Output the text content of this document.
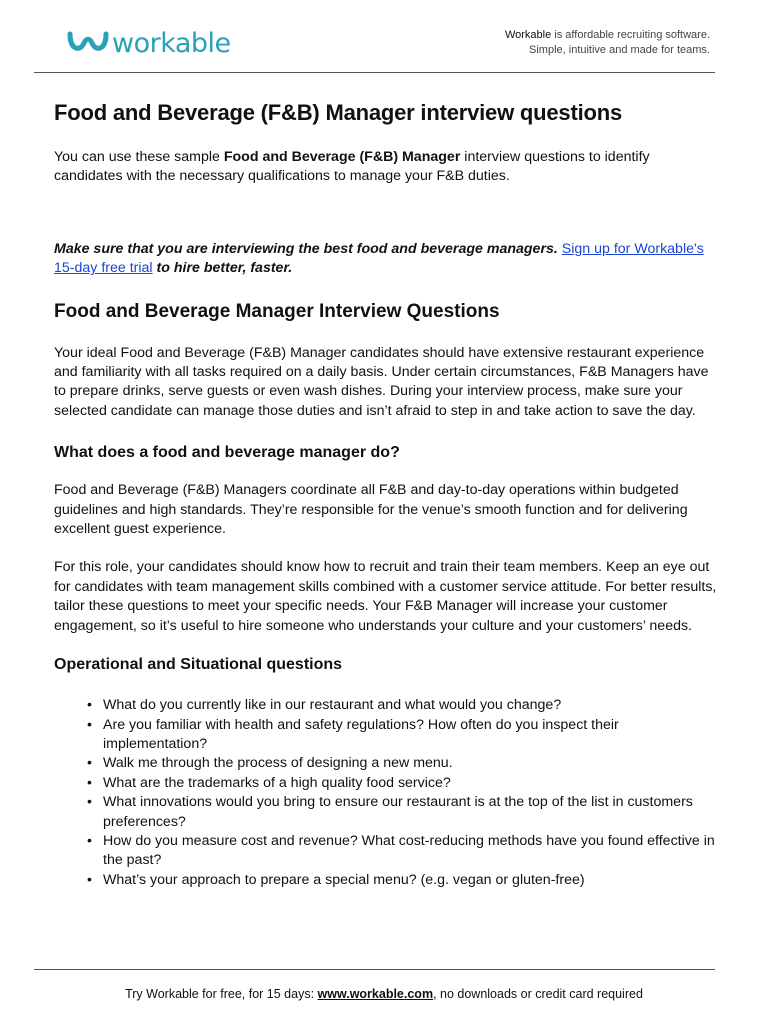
workable	Workable is affordable recruiting software.
Simple, intuitive and made for teams.
Food and Beverage (F&B) Manager interview questions

You can use these sample Food and Beverage (F&B) Manager interview questions to identify candidates with the necessary qualifications to manage your F&B duties.

Make sure that you are interviewing the best food and beverage managers. Sign up for Workable's 15-day free trial to hire better, faster.

Food and Beverage Manager Interview Questions

Your ideal Food and Beverage (F&B) Manager candidates should have extensive restaurant experience and familiarity with all tasks required on a daily basis. Under certain circumstances, F&B Managers have to prepare drinks, serve guests or even wash dishes. During your interview process, make sure your selected candidate can manage those duties and isn’t afraid to step in and take action to save the day.

What does a food and beverage manager do?

Food and Beverage (F&B) Managers coordinate all F&B and day-to-day operations within budgeted guidelines and high standards. They’re responsible for the venue’s smooth function and for delivering excellent guest experience.

For this role, your candidates should know how to recruit and train their team members. Keep an eye out for candidates with team management skills combined with a customer service attitude. For better results, tailor these questions to meet your specific needs. Your F&B Manager will increase your customer engagement, so it’s useful to hire someone who understands your culture and your customers’ needs.

Operational and Situational questions
• What do you currently like in our restaurant and what would you change?
• Are you familiar with health and safety regulations? How often do you inspect their implementation?
• Walk me through the process of designing a new menu.
• What are the trademarks of a high quality food service?
• What innovations would you bring to ensure our restaurant is at the top of the list in customers preferences?
• How do you measure cost and revenue? What cost-reducing methods have you found effective in the past?
• What’s your approach to prepare a special menu? (e.g. vegan or gluten-free)
Try Workable for free, for 15 days: www.workable.com, no downloads or credit card required
